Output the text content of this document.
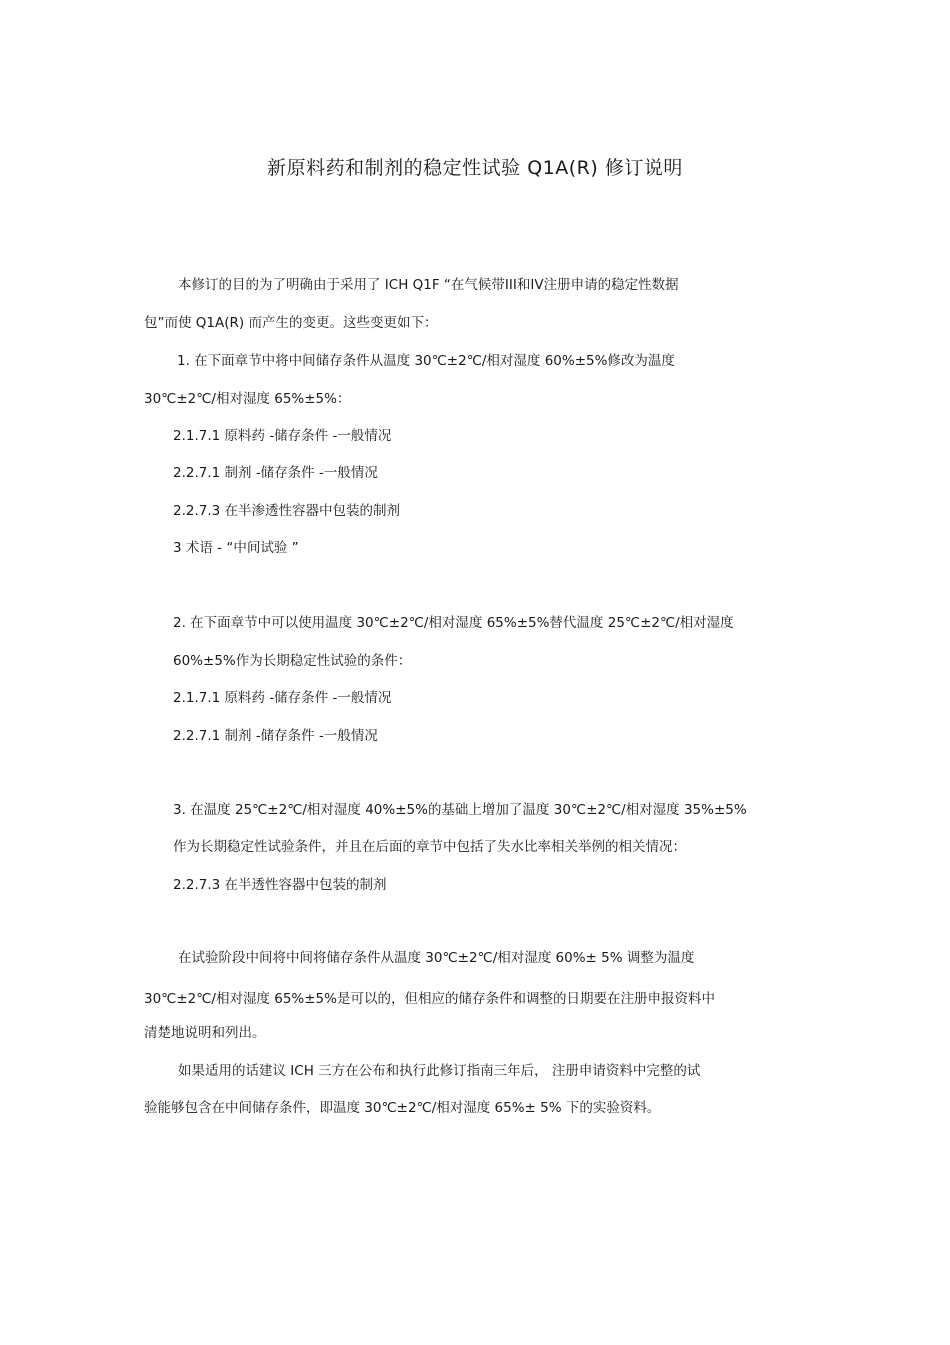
新原料药和制剂的稳定性试验 Q1A(R) 修订说明
本修订的目的为了明确由于采用了 ICH Q1F “在气候带III和IV注册申请的稳定性数据
包”而使 Q1A(R) 而产生的变更。这些变更如下：
1. 在下面章节中将中间储存条件从温度 30℃±2℃/相对湿度 60%±5%修改为温度
30℃±2℃/相对湿度 65%±5%：
2.1.7.1 原料药 -储存条件 -一般情况
2.2.7.1 制剂 -储存条件 -一般情况
2.2.7.3 在半渗透性容器中包装的制剂
3 术语 - “中间试验 ”
2. 在下面章节中可以使用温度 30℃±2℃/相对湿度 65%±5%替代温度 25℃±2℃/相对湿度
60%±5%作为长期稳定性试验的条件：
2.1.7.1 原料药 -储存条件 -一般情况
2.2.7.1 制剂 -储存条件 -一般情况
3. 在温度 25℃±2℃/相对湿度 40%±5%的基础上增加了温度 30℃±2℃/相对湿度 35%±5%
作为长期稳定性试验条件，并且在后面的章节中包括了失水比率相关举例的相关情况：
2.2.7.3 在半透性容器中包装的制剂
在试验阶段中间将中间将储存条件从温度 30℃±2℃/相对湿度 60%± 5% 调整为温度
30℃±2℃/相对湿度 65%±5%是可以的，但相应的储存条件和调整的日期要在注册申报资料中
清楚地说明和列出。
如果适用的话建议 ICH 三方在公布和执行此修订指南三年后， 注册申请资料中完整的试
验能够包含在中间储存条件，即温度 30℃±2℃/相对湿度 65%± 5% 下的实验资料。
